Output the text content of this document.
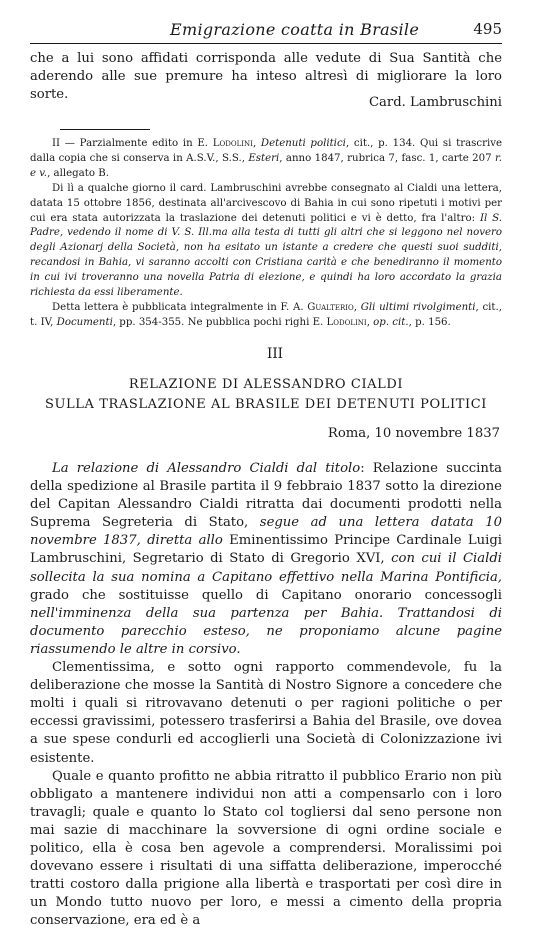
Emigrazione coatta in Brasile	495
che a lui sono affidati corrisponda alle vedute di Sua Santità che aderendo alle sue premure ha inteso altresì di migliorare la loro sorte.
Card. Lambruschini

II — Parzialmente edito in E. Lodolini, Detenuti politici, cit., p. 134. Qui si trascrive dalla copia che si conserva in A.S.V., S.S., Esteri, anno 1847, rubrica 7, fasc. 1, carte 207 r. e v., allegato B.

Di lì a qualche giorno il card. Lambruschini avrebbe consegnato al Cialdi una lettera, datata 15 ottobre 1856, destinata all'arcivescovo di Bahia in cui sono ripetuti i motivi per cui era stata autorizzata la traslazione dei detenuti politici e vi è detto, fra l'altro: Il S. Padre, vedendo il nome di V. S. Ill.ma alla testa di tutti gli altri che si leggono nel novero degli Azionarj della Società, non ha esitato un istante a credere che questi suoi sudditi, recandosi in Bahia, vi saranno accolti con Cristiana carità e che benediranno il momento in cui ivi troveranno una novella Patria di elezione, e quindi ha loro accordato la grazia richiesta da essi liberamente.

Detta lettera è pubblicata integralmente in F. A. Gualterio, Gli ultimi rivolgimenti, cit., t. IV, Documenti, pp. 354-355. Ne pubblica pochi righi E. Lodolini, op. cit., p. 156.

III
RELAZIONE DI ALESSANDRO CIALDI
SULLA TRASLAZIONE AL BRASILE DEI DETENUTI POLITICI
Roma, 10 novembre 1837

La relazione di Alessandro Cialdi dal titolo: Relazione succinta della spedizione al Brasile partita il 9 febbraio 1837 sotto la direzione del Capitan Alessandro Cialdi ritratta dai documenti prodotti nella Suprema Segreteria di Stato, segue ad una lettera datata 10 novembre 1837, diretta allo Eminentissimo Principe Cardinale Luigi Lambruschini, Segretario di Stato di Gregorio XVI, con cui il Cialdi sollecita la sua nomina a Capitano effettivo nella Marina Pontificia, grado che sostituisse quello di Capitano onorario concessogli nell'imminenza della sua partenza per Bahia. Trattandosi di documento parecchio esteso, ne proponiamo alcune pagine riassumendo le altre in corsivo.

Clementissima, e sotto ogni rapporto commendevole, fu la deliberazione che mosse la Santità di Nostro Signore a concedere che molti i quali si ritrovavano detenuti o per ragioni politiche o per eccessi gravissimi, potessero trasferirsi a Bahia del Brasile, ove dovea a sue spese condurli ed accoglierli una Società di Colonizzazione ivi esistente.

Quale e quanto profitto ne abbia ritratto il pubblico Erario non più obbligato a mantenere individui non atti a compensarlo con i loro travagli; quale e quanto lo Stato col togliersi dal seno persone non mai sazie di macchinare la sovversione di ogni ordine sociale e politico, ella è cosa ben agevole a comprendersi. Moralissimi poi dovevano essere i risultati di una siffatta deliberazione, imperocché tratti costoro dalla prigione alla libertà e trasportati per così dire in un Mondo tutto nuovo per loro, e messi a cimento della propria conservazione, era ed è a
